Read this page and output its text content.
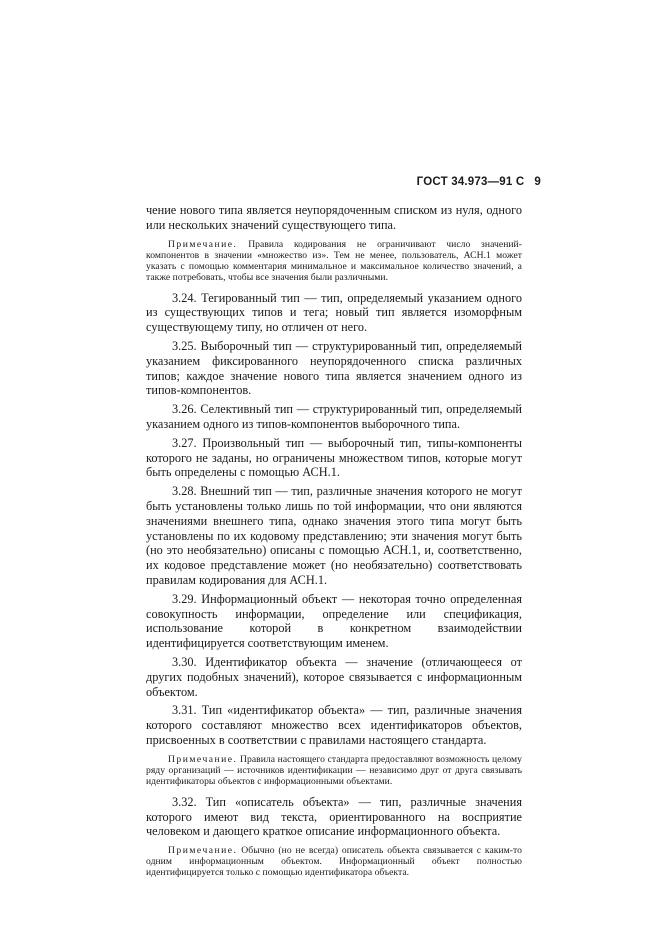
ГОСТ 34.973—91 С 9

чение нового типа является неупорядоченным списком из нуля, одного или нескольких значений существующего типа.

Примечание. Правила кодирования не ограничивают число значений-компонентов в значении «множество из». Тем не менее, пользователь, АСН.1 может указать с помощью комментария минимальное и максимальное количество значений, а также потребовать, чтобы все значения были различными.

3.24. Тегированный тип — тип, определяемый указанием одного из существующих типов и тега; новый тип является изоморфным существующему типу, но отличен от него.

3.25. Выборочный тип — структурированный тип, определяемый указанием фиксированного неупорядоченного списка различных типов; каждое значение нового типа является значением одного из типов-компонентов.

3.26. Селективный тип — структурированный тип, определяемый указанием одного из типов-компонентов выборочного типа.

3.27. Произвольный тип — выборочный тип, типы-компоненты которого не заданы, но ограничены множеством типов, которые могут быть определены с помощью АСН.1.

3.28. Внешний тип — тип, различные значения которого не могут быть установлены только лишь по той информации, что они являются значениями внешнего типа, однако значения этого типа могут быть установлены по их кодовому представлению; эти значения могут быть (но это необязательно) описаны с помощью АСН.1, и, соответственно, их кодовое представление может (но необязательно) соответствовать правилам кодирования для АСН.1.

3.29. Информационный объект — некоторая точно определенная совокупность информации, определение или спецификация, использование которой в конкретном взаимодействии идентифицируется соответствующим именем.

3.30. Идентификатор объекта — значение (отличающееся от других подобных значений), которое связывается с информационным объектом.

3.31. Тип «идентификатор объекта» — тип, различные значения которого составляют множество всех идентификаторов объектов, присвоенных в соответствии с правилами настоящего стандарта.

Примечание. Правила настоящего стандарта предоставляют возможность целому ряду организаций — источников идентификации — независимо друг от друга связывать идентификаторы объектов с информационными объектами.

3.32. Тип «описатель объекта» — тип, различные значения которого имеют вид текста, ориентированного на восприятие человеком и дающего краткое описание информационного объекта.

Примечание. Обычно (но не всегда) описатель объекта связывается с каким-то одним информационным объектом. Информационный объект полностью идентифицируется только с помощью идентификатора объекта.
